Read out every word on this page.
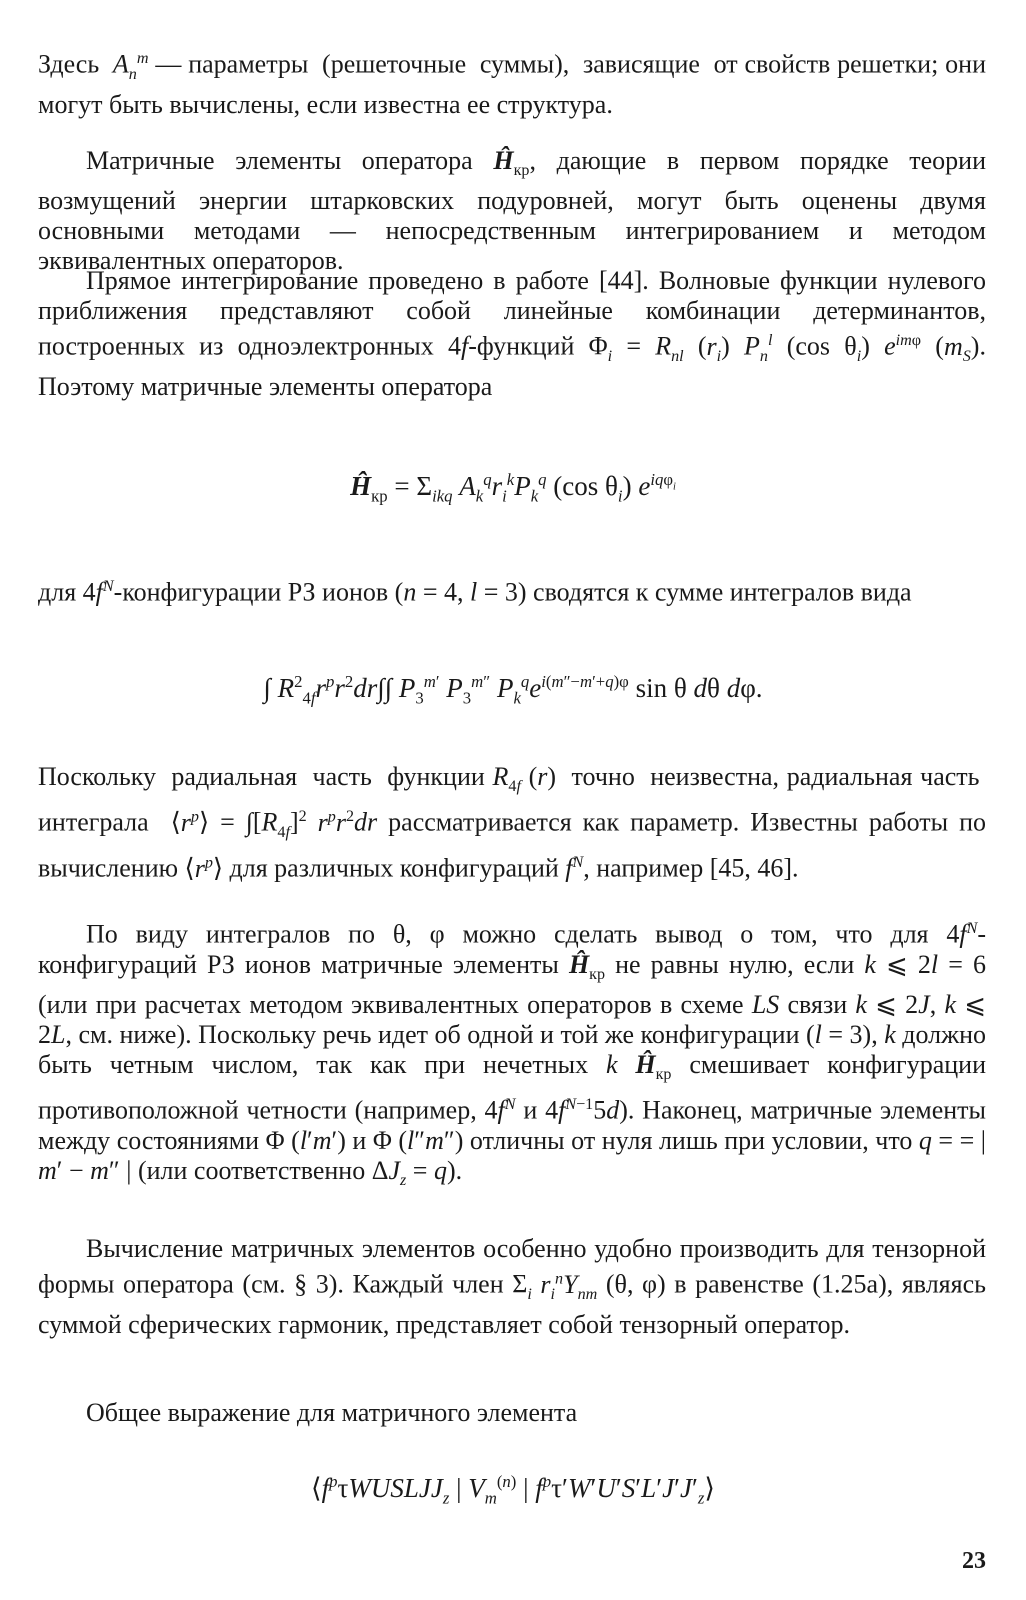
Здесь  $A_n^m$ — параметры  (решеточные  суммы),  зависящие  от свойств решетки; они могут быть вычислены, если известна ее структура.

Матричные элементы оператора $Ĥ_{кр}$, дающие в первом порядке теории возмущений энергии штарковских подуровней, могут быть оценены двумя основными методами — непосредственным интегрированием и методом эквивалентных операторов.

Прямое интегрирование проведено в работе [44]. Волновые функции нулевого приближения представляют собой линейные комбинации детерминантов, построенных из одноэлектронных 4f-функций $\Phi_i = R_{nl}$ $(r_i)$ $P_n^l$ (cos $\theta_i$) $e^{im\varphi}$ $(m_S)$. Поэтому матричные элементы оператора

$Ĥ_{кр} = \Sigma_{ikq}$ $A_k^qr_i^kP_k^q$ (cos $\theta_i$) $e^{iq\varphi_i}$

для $4f^N$-конфигурации РЗ ионов (n = 4, l = 3) сводятся к сумме интегралов вида

∫ $R^2_{4f}r^pr^2dr\int\int$ $P_3^{m'}$ $P_3^{m''}$ $P_k^qe^{i(m''-m'+q)\varphi}$ sin θ dθ dφ.

Поскольку  радиальная  часть  функции $R_{4f}$ (r)  точно  неизвестна, радиальная часть  интеграла  $⟨r^p⟩ = \int[R_{4f}]^2$ $r^pr^2dr$ рассматривается как параметр. Известны работы по вычислению $⟨r^p⟩$ для различных конфигураций $f^N$, например [45, 46].

По виду интегралов по θ, φ можно сделать вывод о том, что для $4f^N$-конфигураций РЗ ионов матричные элементы $Ĥ_{кр}$ не равны нулю, если k ⩽ 2l = 6 (или при расчетах методом эквивалентных операторов в схеме LS связи k ⩽ 2J, k ⩽ 2L, см. ниже). Поскольку речь идет об одной и той же конфигурации (l = 3), k должно быть четным числом, так как при нечетных k $Ĥ_{кр}$ смешивает конфигурации противоположной четности (например, $4f^N$ и $4f^{N-1}5d$). Наконец, матричные элементы между состояниями Φ (l′m′) и Φ (l″m″) отличны от нуля лишь при условии, что q = = | m′ − m″ | (или соответственно $\Delta J_z = q$).

Вычисление матричных элементов особенно удобно производить для тензорной формы оператора (см. § 3). Каждый член $\Sigma_i$ $r_i^nY_{nm}$ (θ, φ) в равенстве (1.25а), являясь суммой сферических гармоник, представляет собой тензорный оператор.

Общее выражение для матричного элемента

$⟨f^p\tau WUSLJJ_z$ | $V_m^{(n)}$ | $f^p\tau'W'U'S'L'J'J'_z⟩$
23
